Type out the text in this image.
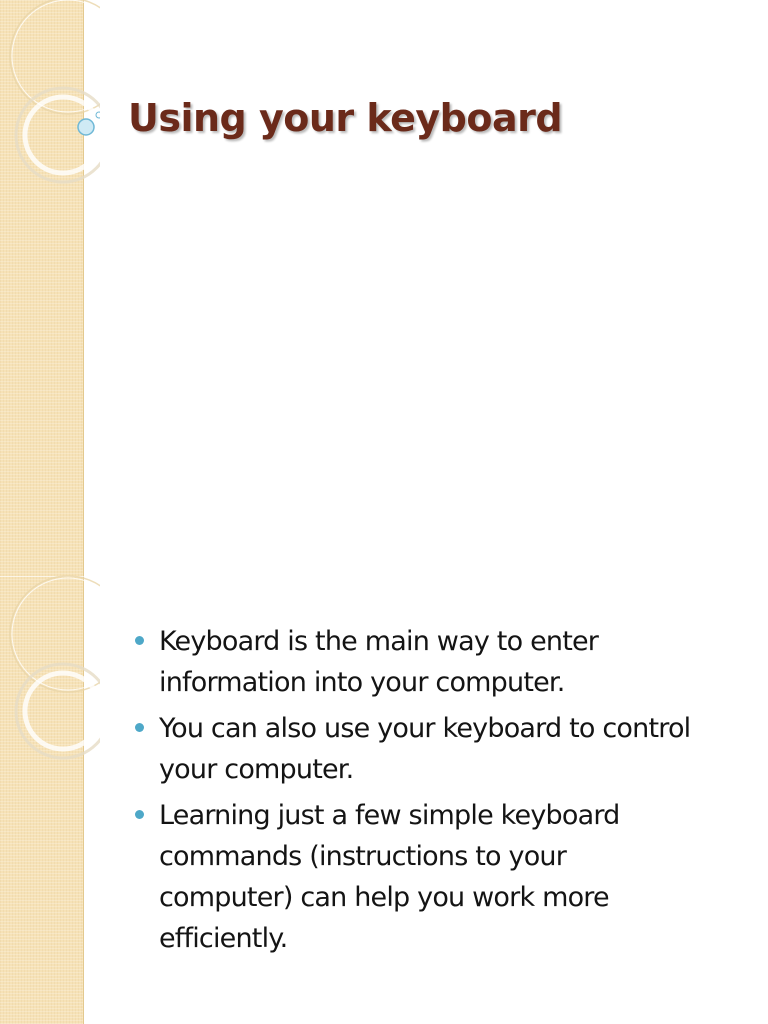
Using your keyboard
Keyboard is the main way to enter information into your computer.
You can also use your keyboard to control your computer.
Learning just a few simple keyboard commands (instructions to your computer) can help you work more efficiently.
